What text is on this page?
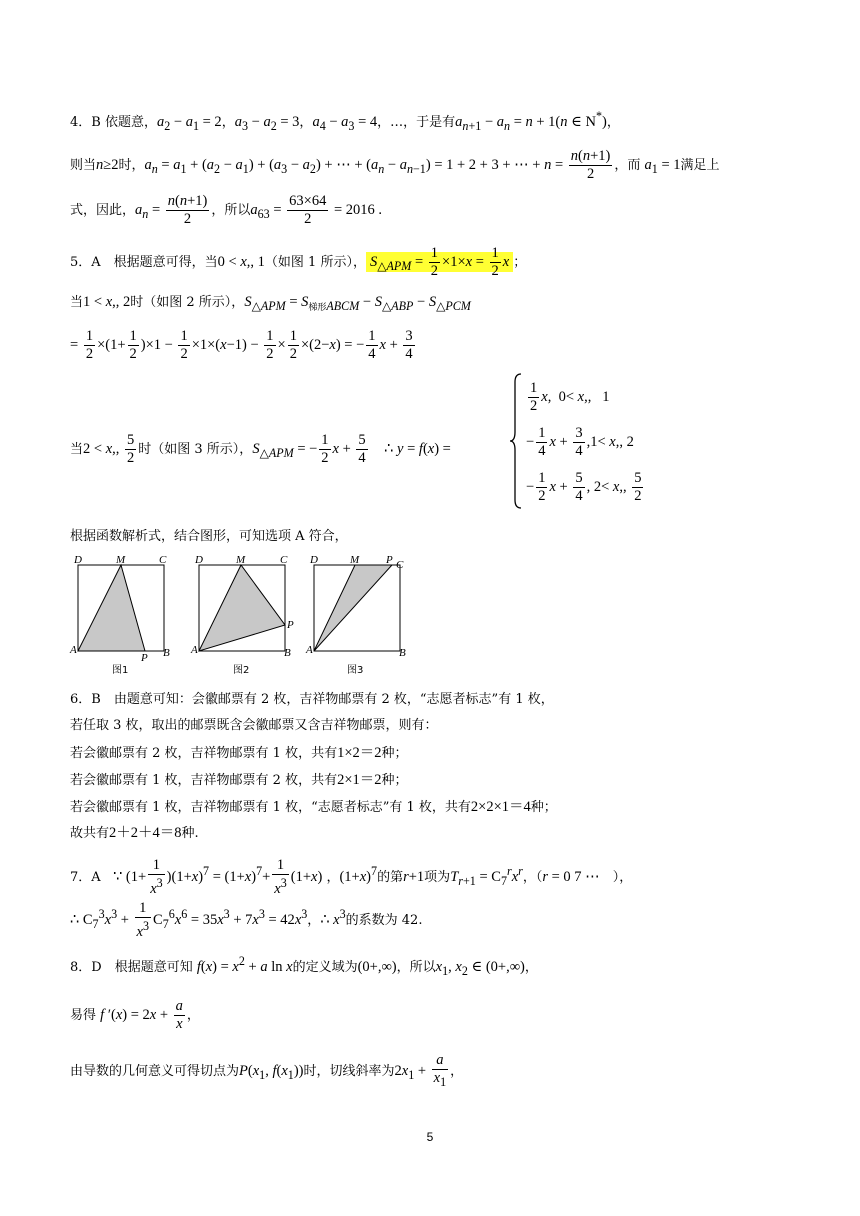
4．B 依题意，$a_2 - a_1 = 2$，$a_3 - a_2 = 3$，$a_4 - a_3 = 4$，…，于是有$a_{n+1} - a_n = n + 1(n$ ∈ N*)，
则当n≥2时，$a_n = a_1 + (a_2 - a_1) + (a_3 - a_2)$ + ⋯ + $(a_n - a_{n-1}) = 1 + 2 + 3$ + ⋯ + $n = \frac{n(n+1)}{2}$ ，而 $a_1 = 1$满足上
式，因此，$a_n = \frac{n(n+1)}{2}$ ，所以$a_{63} = \frac{63\times 64}{2} = 2016$ .
5．A　根据题意可得，当0 < x,, 1（如图 1 所示）， $S_{\triangle APM} = \frac{1}{2} \times 1\times x = \frac{1}{2}$ x ；
当1 < x,, 2时（如图 2 所示），$S_{\triangle APM} = S_{梯形ABCM} - S_{\triangle ABP} - S_{\triangle PCM}$
= $\frac{1}{2} \times(1+ \frac{1}{2} )\times 1 - \frac{1}{2} \times 1\times(x-1) - \frac{1}{2} \times \frac{1}{2} \times(2-x)$ = − $\frac{1}{4}$ $x + \frac{3}{4}$
当2 < x,, $\frac{5}{2}$ 时（如图 3 所示），$S_{\triangle APM}$ = − $\frac{1}{2}$ $x + \frac{5}{4}$ ∴ y = f(x) =
$\frac{1}{2} x$,  0< x,,   1
− $\frac{1}{4}$ $x + \frac{3}{4} ,1< x$,, 2
− $\frac{1}{2}$ $x + \frac{5}{4}$ , 2< x,, $\frac{5}{2}$
根据函数解析式，结合图形，可知选项 A 符合，
D	M	C
A
P B
图1
D	M	C
A
P
B
图2
D	M P C
A	B
图3
6．B　由题意可知：会徽邮票有 2 枚，吉祥物邮票有 2 枚，“志愿者标志”有 1 枚，
若任取 3 枚，取出的邮票既含会徽邮票又含吉祥物邮票，则有：
若会徽邮票有 2 枚，吉祥物邮票有 1 枚，共有1×2＝2种；
若会徽邮票有 1 枚，吉祥物邮票有 2 枚，共有2×1＝2种；
若会徽邮票有 1 枚，吉祥物邮票有 1 枚，“志愿者标志”有 1 枚，共有2×2×1＝4种；
故共有2＋2＋4＝8种.
7．A ∵ $(1+ \frac{1}{x^3} )(1+x)^7 = (1+x)^7+ \frac{1}{x^3} (1+x)$ ，$(1+x)^7$的第r+1项为$T_{r+1} = C_7^rx^r$，（r = 0 7 ⋯　），
∴ $C_7^3x^3 + \frac{1}{x^3} C_7^6x^6 = 35x^3 + 7x^3 = 42x^3$，∴ $x^3$的系数为 42.
8．D　根据题意可知 $f(x) = x^2 + a$ ln x的定义域为(0+,∞)，所以$x_1$, $x_2$ ∈ (0+,∞)，
易得 f $'(x) = 2x + \frac{a}{x}$ ，
由导数的几何意义可得切点为$P(x_1$, $f(x_1)$)时，切线斜率为$2x_1 + \frac{a}{x_1}$ ，
5
